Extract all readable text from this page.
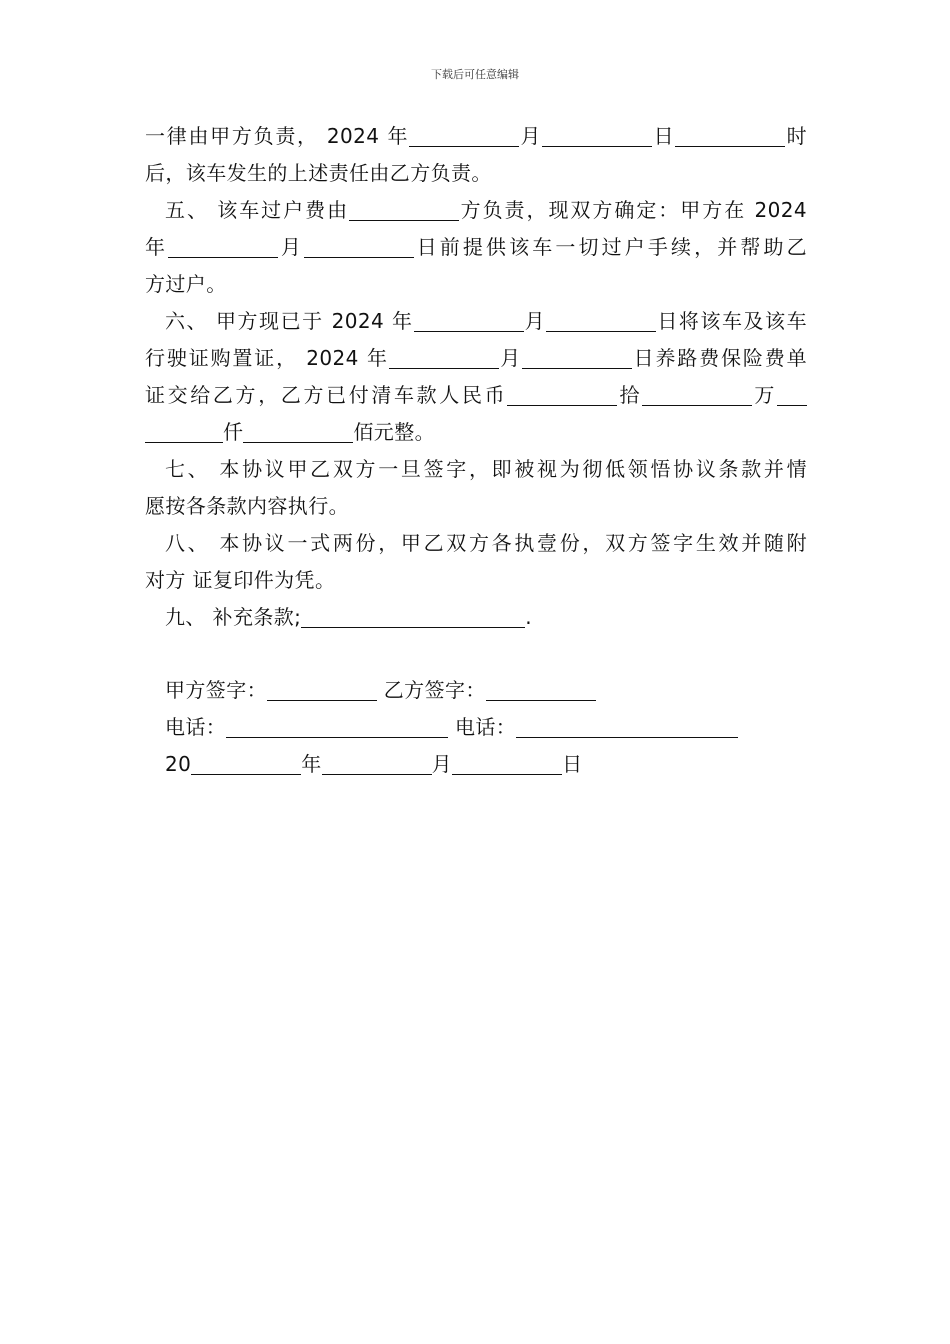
下载后可任意编辑
一律由甲方负责， 2024 年	月	日	时
后，该车发生的上述责任由乙方负责。
五、 该车过户费由	方负责，现双方确定：甲方在 2024
年	月	日前提供该车一切过户手续，并帮助乙
方过户。
六、 甲方现已于 2024 年	月	日将该车及该车
行驶证购置证， 2024 年	月	日养路费保险费单
证交给乙方，乙方已付清车款人民币	拾	万
仟	佰元整。
七、 本协议甲乙双方一旦签字，即被视为彻低领悟协议条款并情
愿按各条款内容执行。
八、 本协议一式两份，甲乙双方各执壹份，双方签字生效并随附
对方 证复印件为凭。
九、 补充条款;	.
甲方签字：	乙方签字：
电话：	电话：
20	年	月	日
